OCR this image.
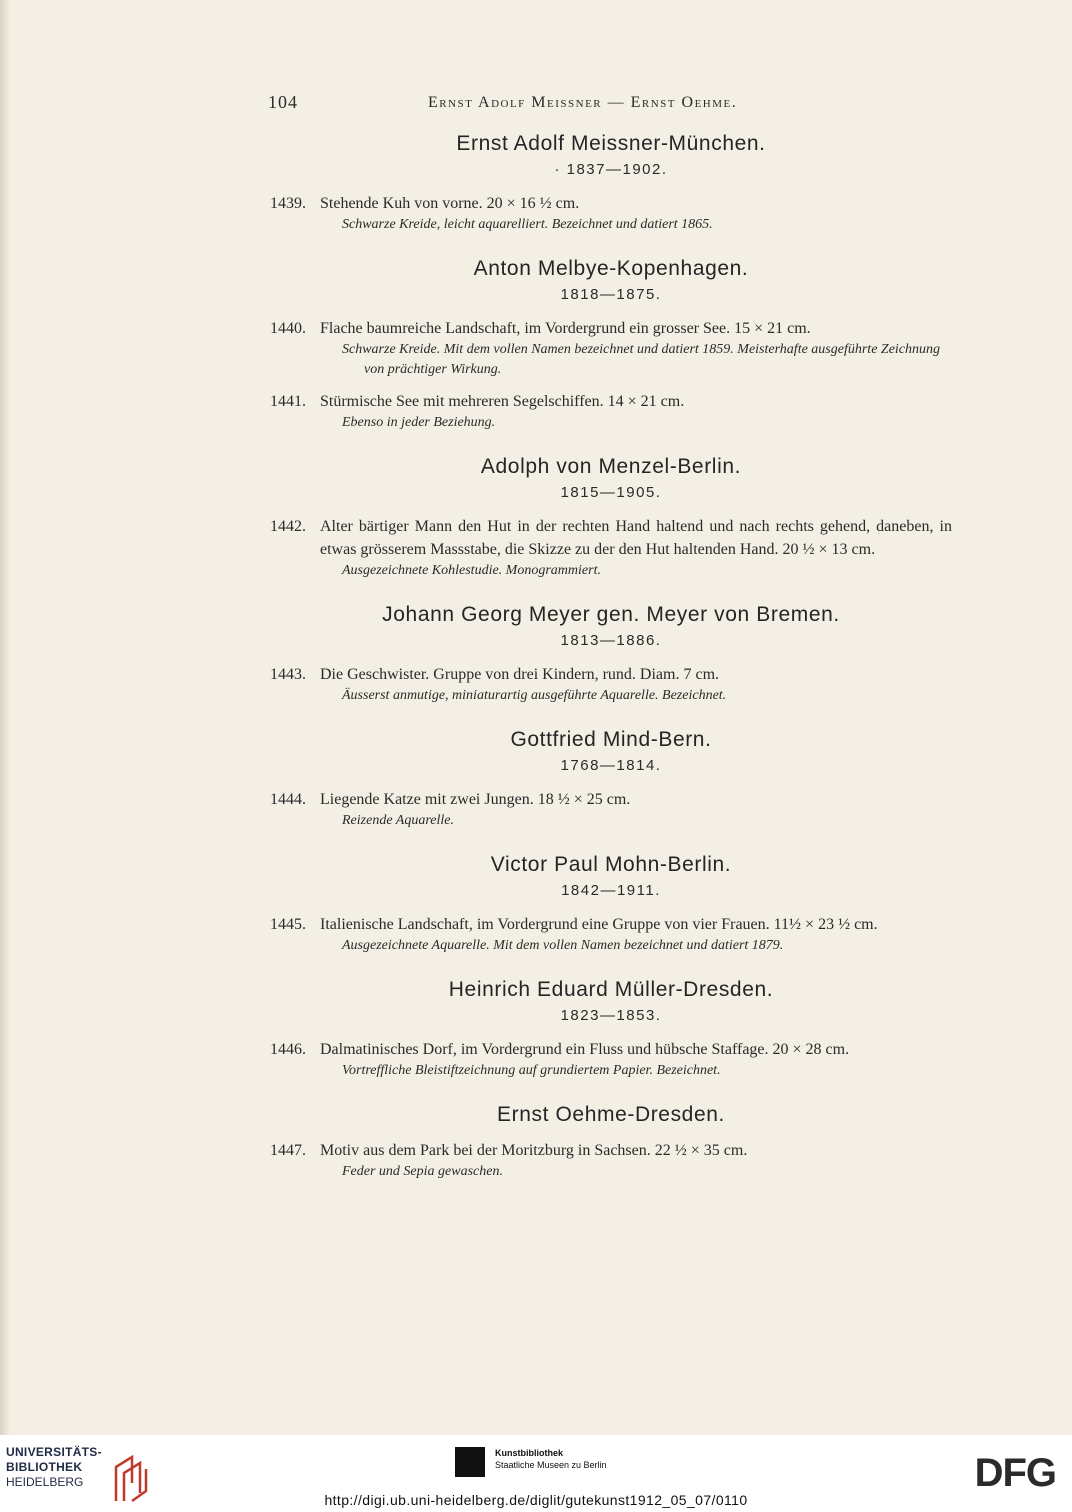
104	Ernst Adolf Meissner — Ernst Oehme.

Ernst Adolf Meissner-München.

· 1837—1902.

1439. Stehende Kuh von vorne. 20 × 16 ½ cm.
Schwarze Kreide, leicht aquarelliert. Bezeichnet und datiert 1865.

Anton Melbye-Kopenhagen.

1818—1875.

1440. Flache baumreiche Landschaft, im Vordergrund ein grosser See. 15 × 21 cm.
Schwarze Kreide. Mit dem vollen Namen bezeichnet und datiert 1859. Meisterhafte ausgeführte Zeichnung von prächtiger Wirkung.
1441. Stürmische See mit mehreren Segelschiffen. 14 × 21 cm.
Ebenso in jeder Beziehung.

Adolph von Menzel-Berlin.

1815—1905.

1442. Alter bärtiger Mann den Hut in der rechten Hand haltend und nach rechts gehend, daneben, in etwas grösserem Massstabe, die Skizze zu der den Hut haltenden Hand. 20 ½ × 13 cm.
Ausgezeichnete Kohlestudie. Monogrammiert.

Johann Georg Meyer gen. Meyer von Bremen.

1813—1886.

1443. Die Geschwister. Gruppe von drei Kindern, rund. Diam. 7 cm.
Äusserst anmutige, miniaturartig ausgeführte Aquarelle. Bezeichnet.

Gottfried Mind-Bern.

1768—1814.

1444. Liegende Katze mit zwei Jungen. 18 ½ × 25 cm.
Reizende Aquarelle.

Victor Paul Mohn-Berlin.

1842—1911.

1445. Italienische Landschaft, im Vordergrund eine Gruppe von vier Frauen. 11½ × 23 ½ cm.
Ausgezeichnete Aquarelle. Mit dem vollen Namen bezeichnet und datiert 1879.

Heinrich Eduard Müller-Dresden.

1823—1853.

1446. Dalmatinisches Dorf, im Vordergrund ein Fluss und hübsche Staffage. 20 × 28 cm.
Vortreffliche Bleistiftzeichnung auf grundiertem Papier. Bezeichnet.

Ernst Oehme-Dresden.

1447. Motiv aus dem Park bei der Moritzburg in Sachsen. 22 ½ × 35 cm.
Feder und Sepia gewaschen.
UNIVERSITÄTS-
BIBLIOTHEK
HEIDELBERG
Kunstbibliothek
Staatliche Museen zu Berlin	DFG
http://digi.ub.uni-heidelberg.de/diglit/gutekunst1912_05_07/0110
